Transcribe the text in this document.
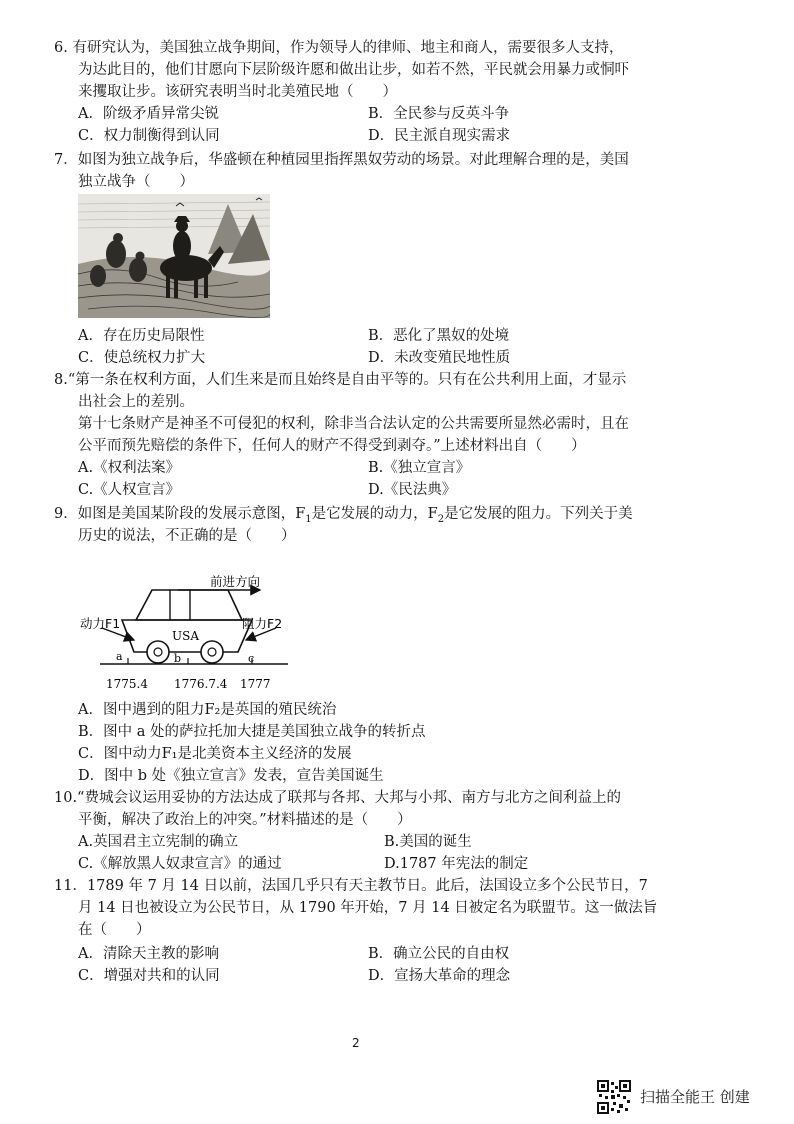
6. 有研究认为，美国独立战争期间，作为领导人的律师、地主和商人，需要很多人支持，
为达此目的，他们甘愿向下层阶级许愿和做出让步，如若不然，平民就会用暴力或恫吓
来攫取让步。该研究表明当时北美殖民地（　　）
A．阶级矛盾异常尖锐	B．全民参与反英斗争
C．权力制衡得到认同	D．民主派自现实需求
7．如图为独立战争后，华盛顿在种植园里指挥黑奴劳动的场景。对此理解合理的是，美国
独立战争（　　）
A．存在历史局限性	B．恶化了黑奴的处境
C．使总统权力扩大	D．未改变殖民地性质
8.“第一条在权利方面，人们生来是而且始终是自由平等的。只有在公共利用上面，才显示
出社会上的差别。
第十七条财产是神圣不可侵犯的权利，除非当合法认定的公共需要所显然必需时，且在
公平而预先赔偿的条件下，任何人的财产不得受到剥夺。”上述材料出自（　　）
A.《权利法案》	B.《独立宣言》
C.《人权宣言》	D.《民法典》
9．如图是美国某阶段的发展示意图，$F_1$是它发展的动力，$F_2$是它发展的阻力。下列关于美
历史的说法，不正确的是（　　）
前进方向
USA
动力F1	阻力F2
a	b	c
1775.4 1776.7.4 1777
A．图中遇到的阻力F₂是英国的殖民统治
B．图中 a 处的萨拉托加大捷是美国独立战争的转折点
C．图中动力F₁是北美资本主义经济的发展
D．图中 b 处《独立宣言》发表，宣告美国诞生
10.“费城会议运用妥协的方法达成了联邦与各邦、大邦与小邦、南方与北方之间利益上的
平衡，解决了政治上的冲突。”材料描述的是（　　）
A.英国君主立宪制的确立	B.美国的诞生
C.《解放黑人奴隶宣言》的通过	D.1787 年宪法的制定
11．1789 年 7 月 14 日以前，法国几乎只有天主教节日。此后，法国设立多个公民节日，7
月 14 日也被设立为公民节日，从 1790 年开始，7 月 14 日被定名为联盟节。这一做法旨
在（　　）
A．清除天主教的影响	B．确立公民的自由权
C．增强对共和的认同	D．宣扬大革命的理念
2
扫描全能王 创建
